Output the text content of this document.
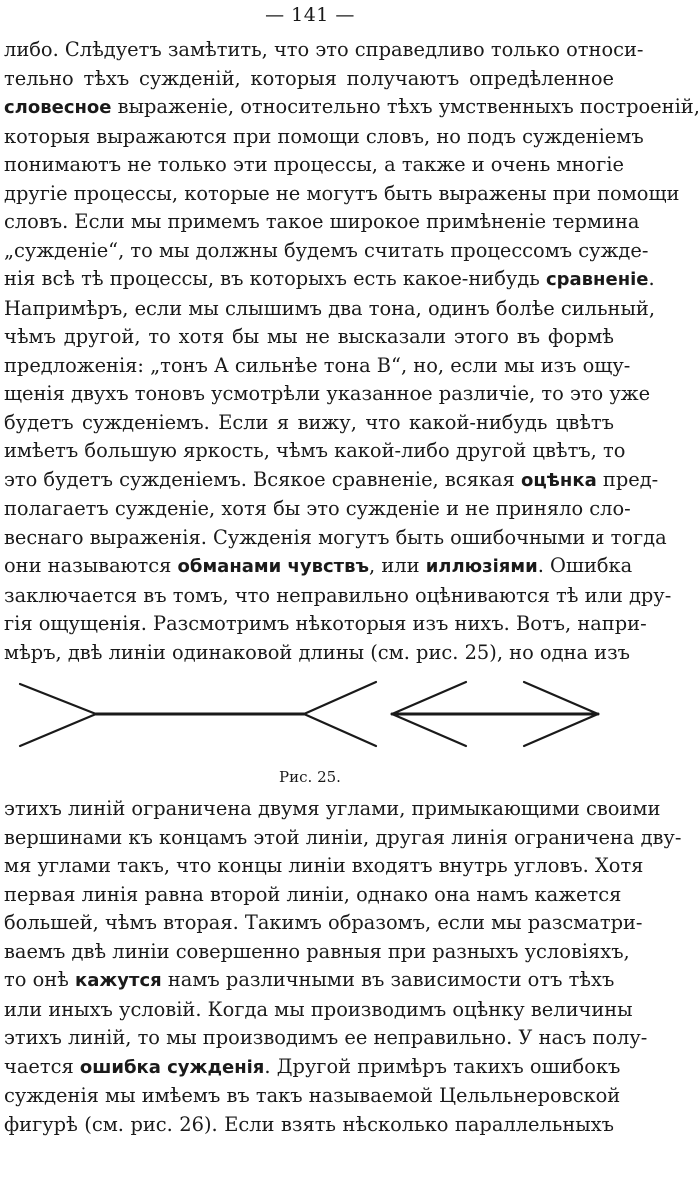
— 141 —
либо. Слѣдуетъ замѣтить, что это справедливо только относи-
тельно тѣхъ сужденій, которыя получаютъ опредѣленное
словесное выраженіе, относительно тѣхъ умственныхъ построеній,
которыя выражаются при помощи словъ, но подъ сужденіемъ
понимаютъ не только эти процессы, а также и очень многіе
другіе процессы, которые не могутъ быть выражены при помощи
словъ. Если мы примемъ такое широкое примѣненіе термина
„сужденіе“, то мы должны будемъ считать процессомъ сужде-
нія всѣ тѣ процессы, въ которыхъ есть какое-нибудь сравненіе.
Напримѣръ, если мы слышимъ два тона, одинъ болѣе сильный,
чѣмъ другой, то хотя бы мы не высказали этого въ формѣ
предложенія: „тонъ А сильнѣе тона В“, но, если мы изъ ощу-
щенія двухъ тоновъ усмотрѣли указанное различіе, то это уже
будетъ сужденіемъ. Если я вижу, что какой-нибудь цвѣтъ
имѣетъ большую яркость, чѣмъ какой-либо другой цвѣтъ, то
это будетъ сужденіемъ. Всякое сравненіе, всякая оцѣнка пред-
полагаетъ сужденіе, хотя бы это сужденіе и не приняло сло-
веснаго выраженія. Сужденія могутъ быть ошибочными и тогда
они называются обманами чувствъ, или иллюзіями. Ошибка
заключается въ томъ, что неправильно оцѣниваются тѣ или дру-
гія ощущенія. Разсмотримъ нѣкоторыя изъ нихъ. Вотъ, напри-
мѣръ, двѣ линіи одинаковой длины (см. рис. 25), но одна изъ
Рис. 25.
этихъ линій ограничена двумя углами, примыкающими своими
вершинами къ концамъ этой линіи, другая линія ограничена дву-
мя углами такъ, что концы линіи входятъ внутрь угловъ. Хотя
первая линія равна второй линіи, однако она намъ кажется
большей, чѣмъ вторая. Такимъ образомъ, если мы разсматри-
ваемъ двѣ линіи совершенно равныя при разныхъ условіяхъ,
то онѣ кажутся намъ различными въ зависимости отъ тѣхъ
или иныхъ условій. Когда мы производимъ оцѣнку величины
этихъ линій, то мы производимъ ее неправильно. У насъ полу-
чается ошибка сужденія. Другой примѣръ такихъ ошибокъ
сужденія мы имѣемъ въ такъ называемой Цельльнеровской
фигурѣ (см. рис. 26). Если взять нѣсколько параллельныхъ
